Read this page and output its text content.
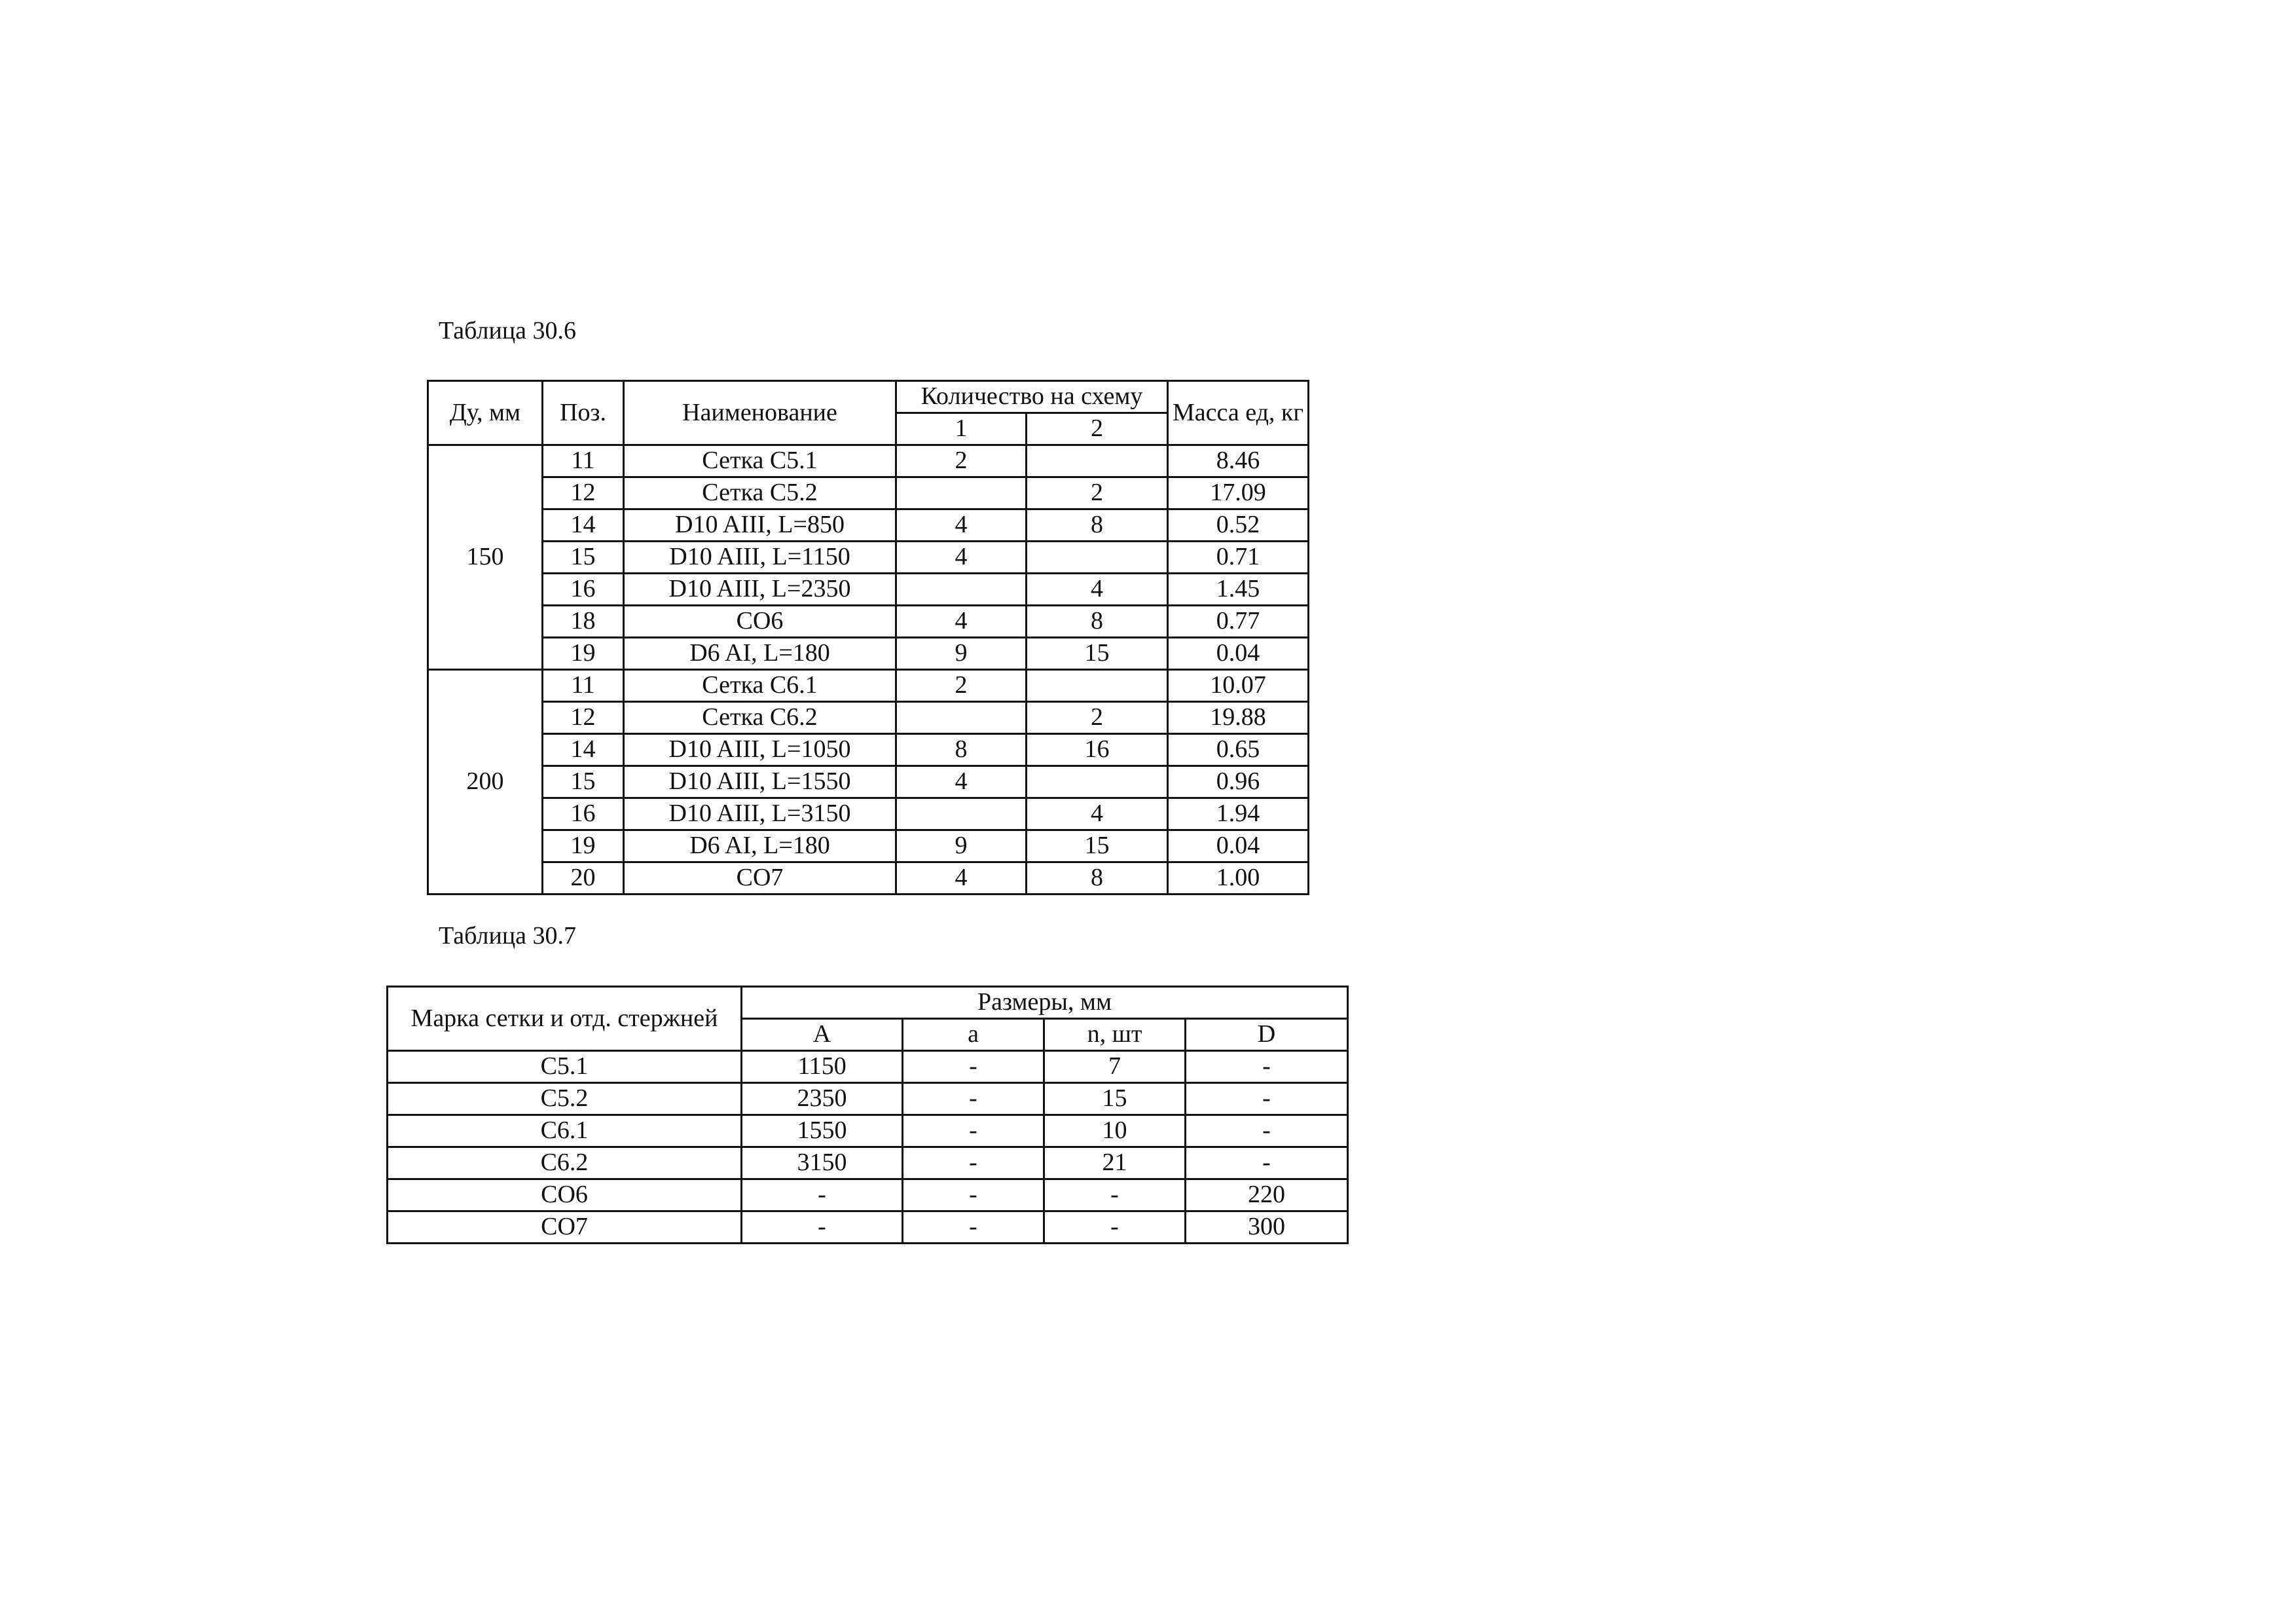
Таблица 30.6
Ду, мм	Поз.	Наименование	Количество на схему		Масса ед, кг
			1	2	
150	11	Сетка С5.1	2		8.46
	12	Сетка С5.2		2	17.09
	14	D10 AIII, L=850	4	8	0.52
	15	D10 AIII, L=1150	4		0.71
	16	D10 AIII, L=2350		4	1.45
	18	СО6	4	8	0.77
	19	D6 AI, L=180	9	15	0.04
200	11	Сетка С6.1	2		10.07
	12	Сетка С6.2		2	19.88
	14	D10 AIII, L=1050	8	16	0.65
	15	D10 AIII, L=1550	4		0.96
	16	D10 AIII, L=3150		4	1.94
	19	D6 AI, L=180	9	15	0.04
	20	СО7	4	8	1.00
Таблица 30.7
Марка сетки и отд. стержней	Размеры, мм			
	A	a	n, шт	D
С5.1	1150	-	7	-
С5.2	2350	-	15	-
С6.1	1550	-	10	-
С6.2	3150	-	21	-
СО6	-	-	-	220
СО7	-	-	-	300
